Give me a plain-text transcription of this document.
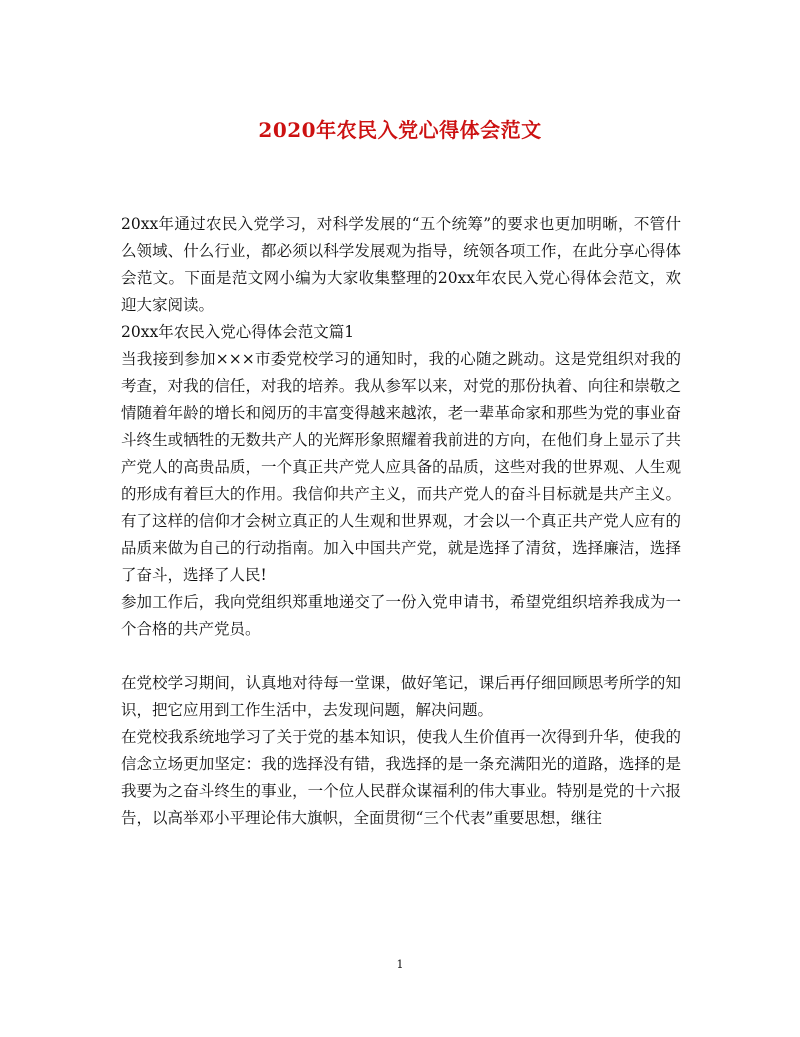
2020年农民入党心得体会范文

20xx年通过农民入党学习，对科学发展的“五个统筹”的要求也更加明晰，不管什么领域、什么行业，都必须以科学发展观为指导，统领各项工作，在此分享心得体会范文。下面是范文网小编为大家收集整理的20xx年农民入党心得体会范文，欢迎大家阅读。

20xx年农民入党心得体会范文篇1

当我接到参加×××市委党校学习的通知时，我的心随之跳动。这是党组织对我的考查，对我的信任，对我的培养。我从参军以来，对党的那份执着、向往和崇敬之情随着年龄的增长和阅历的丰富变得越来越浓，老一辈革命家和那些为党的事业奋斗终生或牺牲的无数共产人的光辉形象照耀着我前进的方向，在他们身上显示了共产党人的高贵品质，一个真正共产党人应具备的品质，这些对我的世界观、人生观的形成有着巨大的作用。我信仰共产主义，而共产党人的奋斗目标就是共产主义。有了这样的信仰才会树立真正的人生观和世界观，才会以一个真正共产党人应有的品质来做为自己的行动指南。加入中国共产党，就是选择了清贫，选择廉洁，选择了奋斗，选择了人民!

参加工作后，我向党组织郑重地递交了一份入党申请书，希望党组织培养我成为一个合格的共产党员。

在党校学习期间，认真地对待每一堂课，做好笔记，课后再仔细回顾思考所学的知识，把它应用到工作生活中，去发现问题，解决问题。

在党校我系统地学习了关于党的基本知识，使我人生价值再一次得到升华，使我的信念立场更加坚定：我的选择没有错，我选择的是一条充满阳光的道路，选择的是我要为之奋斗终生的事业，一个位人民群众谋福利的伟大事业。特别是党的十六报告，以高举邓小平理论伟大旗帜，全面贯彻“三个代表”重要思想，继往

1
